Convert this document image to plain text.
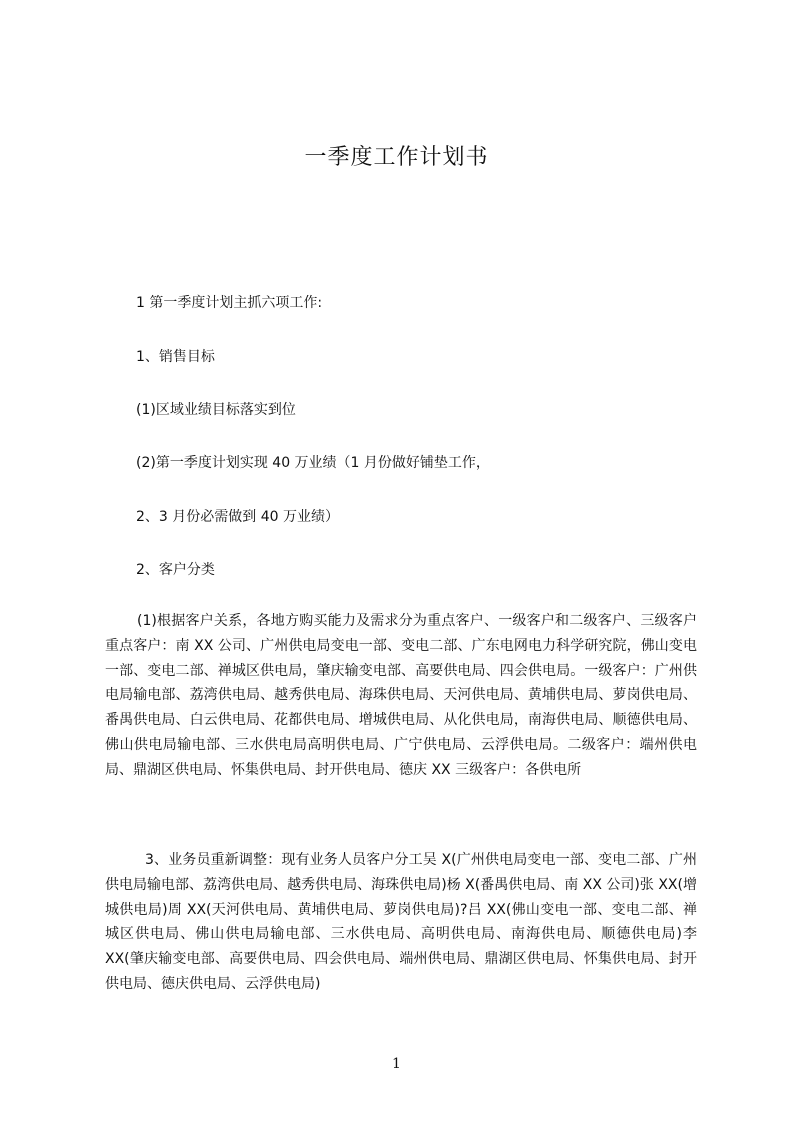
一季度工作计划书
1 第一季度计划主抓六项工作:
1、销售目标
(1)区域业绩目标落实到位
(2)第一季度计划实现 40 万业绩（1 月份做好铺垫工作，
2、3 月份必需做到 40 万业绩）
2、客户分类
(1)根据客户关系，各地方购买能力及需求分为重点客户、一级客户和二级客户、三级客户重点客户：南 XX 公司、广州供电局变电一部、变电二部、广东电网电力科学研究院，佛山变电一部、变电二部、禅城区供电局，肇庆输变电部、高要供电局、四会供电局。一级客户：广州供电局输电部、荔湾供电局、越秀供电局、海珠供电局、天河供电局、黄埔供电局、萝岗供电局、番禺供电局、白云供电局、花都供电局、增城供电局、从化供电局，南海供电局、顺德供电局、佛山供电局输电部、三水供电局高明供电局、广宁供电局、云浮供电局。二级客户：端州供电局、鼎湖区供电局、怀集供电局、封开供电局、德庆 XX 三级客户：各供电所
3、业务员重新调整：现有业务人员客户分工吴 X(广州供电局变电一部、变电二部、广州供电局输电部、荔湾供电局、越秀供电局、海珠供电局)杨 X(番禺供电局、南 XX 公司)张 XX(增城供电局)周 XX(天河供电局、黄埔供电局、萝岗供电局)?吕 XX(佛山变电一部、变电二部、禅城区供电局、佛山供电局输电部、三水供电局、高明供电局、南海供电局、顺德供电局)李 XX(肇庆输变电部、高要供电局、四会供电局、端州供电局、鼎湖区供电局、怀集供电局、封开供电局、德庆供电局、云浮供电局)
1
